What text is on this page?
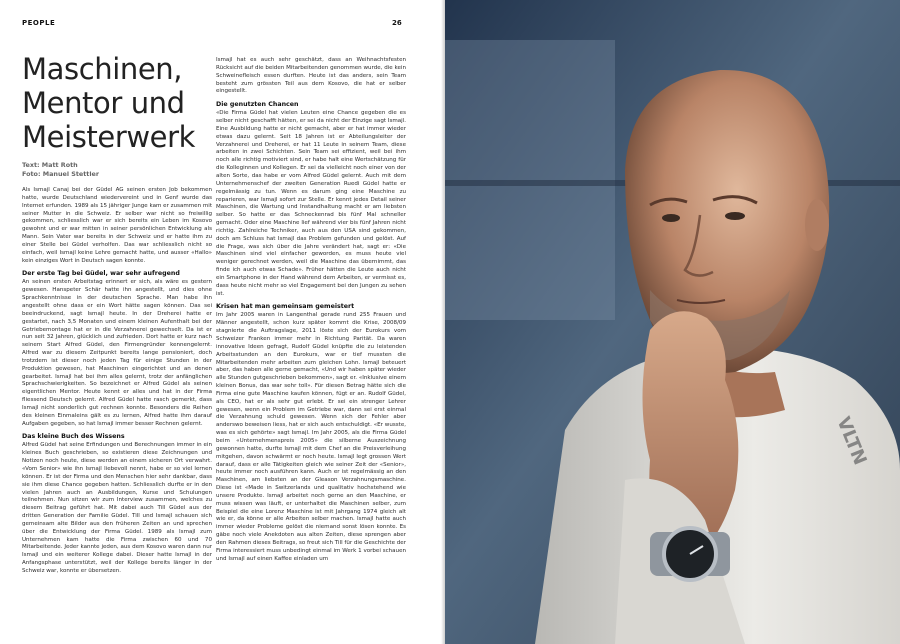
PEOPLE	26
Maschinen,
Mentor und
Meisterwerk
Text: Matt Roth
Foto: Manuel Stettler

Als Ismajl Canaj bei der Güdel AG seinen ersten Job bekommen hatte, wurde Deutschland wiedervereint und in Genf wurde das Internet erfunden. 1989 als 15 jähriger Junge kam er zusammen mit seiner Mutter in die Schweiz. Er selber war nicht so freiwillig gekommen, schliesslich war er sich bereits ein Leben im Kosovo gewohnt und er war mitten in seiner persönlichen Entwicklung als Mann. Sein Vater war bereits in der Schweiz und er hatte ihm zu einer Stelle bei Güdel verholfen. Das war schliesslich nicht so einfach, weil Ismajl keine Lehre gemacht hatte, und ausser «Hallo» kein einziges Wort in Deutsch sagen konnte.

Der erste Tag bei Güdel, war sehr aufregend

An seinen ersten Arbeitstag erinnert er sich, als wäre es gestern gewesen. Hanspeter Schär hatte ihn angestellt, und dies ohne Sprachkenntnisse in der deutschen Sprache. Man habe ihn angestellt ohne dass er ein Wort hätte sagen können. Das sei beeindruckend, sagt Ismajl heute. In der Dreherei hatte er gestartet, nach 3,5 Monaten und einem kleinen Aufenthalt bei der Getriebemontage hat er in die Verzahnerei gewechselt. Da ist er nun seit 32 Jahren, glücklich und zufrieden. Dort hatte er kurz nach seinem Start Alfred Güdel, den Firmengründer kennengelernt. Alfred war zu diesem Zeitpunkt bereits lange pensioniert, doch trotzdem ist dieser noch jeden Tag für einige Stunden in der Produktion gewesen, hat Maschinen eingerichtet und an denen gearbeitet. Ismajl hat bei ihm alles gelernt, trotz der anfänglichen Sprachschwierigkeiten. So bezeichnet er Alfred Güdel als seinen eigentlichen Mentor. Heute kennt er alles und hat in der Firma fliessend Deutsch gelernt. Alfred Güdel hatte rasch gemerkt, dass Ismajl nicht sonderlich gut rechnen konnte. Besonders die Reihen des kleinen Einmaleins gält es zu lernen, Alfred hatte ihm darauf Aufgaben gegeben, so hat Ismajl immer besser Rechnen gelernt.

Das kleine Buch des Wissens

Alfred Güdel hat seine Erfindungen und Berechnungen immer in ein kleines Buch geschrieben, so existieren diese Zeichnungen und Notizen noch heute, diese werden an einem sicheren Ort verwahrt. «Vom Senior» wie ihn Ismajl liebevoll nennt, habe er so viel lernen können. Er ist der Firma und den Menschen hier sehr dankbar, dass sie ihm diese Chance gegeben hatten. Schliesslich durfte er in den vielen Jahren auch an Ausbildungen, Kurse und Schulungen teilnehmen. Nun sitzen wir zum Interview zusammen, welches zu diesem Beitrag geführt hat. Mit dabei auch Till Güdel aus der dritten Generation der Familie Güdel. Till und Ismajl schauen sich gemeinsam alte Bilder aus den früheren Zeiten an und sprechen über die Entwicklung der Firma Güdel. 1989 als Ismajl zum Unternehmen kam hatte die Firma zwischen 60 und 70 Mitarbeitende. Jeder kannte jeden, aus dem Kosovo waren dann nur Ismajl und ein weiterer Kollege dabei. Dieser hatte Ismajl in der Anfangsphase unterstützt, weil der Kollege bereits länger in der Schweiz war, konnte er übersetzen.

Ismajl hat es auch sehr geschätzt, dass an Weihnachtsfesten Rücksicht auf die beiden Mitarbeitenden genommen wurde, die kein Schweinefleisch essen durften. Heute ist das anders, sein Team besteht zum grössten Teil aus dem Kosovo, die hat er selber eingestellt.

Die genutzten Chancen

«Die Firma Güdel hat vielen Leuten eine Chance gegeben die es selber nicht geschafft hätten, er sei da nicht der Einzige sagt Ismajl. Eine Ausbildung hatte er nicht gemacht, aber er hat immer wieder etwas dazu gelernt. Seit 18 Jahren ist er Abteilungsleiter der Verzahnerei und Dreherei, er hat 11 Leute in seinem Team, diese arbeiten in zwei Schichten. Sein Team sei effizient, weil bei ihm noch alle richtig motiviert sind, er habe halt eine Wertschätzung für die Kolleginnen und Kollegen. Er sei da vielleicht noch einer von der alten Sorte, das habe er vom Alfred Güdel gelernt. Auch mit dem Unternehmenschef der zweiten Generation Ruedi Güdel hatte er regelmässig zu tun. Wenn es darum ging eine Maschine zu reparieren, war Ismajl sofort zur Stelle. Er kennt jedes Detail seiner Maschinen, die Wartung und Instandhaltung macht er am liebsten selber. So hatte er das Schneckenrad bis fünf Mal schneller gemacht. Oder eine Maschine lief während vier bis fünf Jahren nicht richtig. Zahlreiche Techniker, auch aus den USA sind gekommen, doch am Schluss hat Ismajl das Problem gefunden und gelöst. Auf die Frage, was sich über die Jahre verändert hat, sagt er: «Die Maschinen sind viel einfacher geworden, es muss heute viel weniger gerechnet werden, weil die Maschine das übernimmt, das finde ich auch etwas Schade». Früher hätten die Leute auch nicht ein Smartphone in der Hand während dem Arbeiten, er vermisst es, dass heute nicht mehr so viel Engagement bei den Jungen zu sehen ist.

Krisen hat man gemeinsam gemeistert

Im Jahr 2005 waren in Langenthal gerade rund 255 Frauen und Männer angestellt, schon kurz später kommt die Krise, 2008/09 stagnierte die Auftragslage, 2011 löste sich der Eurokurs vom Schweizer Franken immer mehr in Richtung Parität. Da waren innovative Ideen gefragt, Rudolf Güdel knüpfte die zu leistenden Arbeitsstunden an den Eurokurs, war er tief mussten die Mitarbeitenden mehr arbeiten zum gleichen Lohn. Ismajl beteuert aber, das haben alle gerne gemacht, «Und wir haben später wieder alle Stunden gutgeschrieben bekommen», sagt er. «Inklusive einem kleinen Bonus, das war sehr toll». Für diesen Betrag hätte sich die Firma eine gute Maschine kaufen können, fügt er an. Rudolf Güdel, als CEO, hat er als sehr gut erlebt. Er sei ein strenger Lehrer gewesen, wenn ein Problem im Getriebe war, dann sei erst einmal die Verzahnung schuld gewesen. Wenn sich der Fehler aber anderswo beweisen liess, hat er sich auch entschuldigt. «Er wusste, was es sich gehörte» sagt Ismajl. Im Jahr 2005, als die Firma Güdel beim «Unternehmenspreis 2005» die silberne Auszeichnung gewonnen hatte, durfte Ismajl mit dem Chef an die Preisverleihung mitgehen, davon schwärmt er noch heute. Ismajl legt grossen Wert darauf, dass er alle Tätigkeiten gleich wie seiner Zeit der «Senior», heute immer noch ausführen kann. Auch er ist regelmässig an den Maschinen, am liebsten an der Gleason Verzahnungsmaschine. Diese ist «Made in Switzerlands und qualitativ hochstehend wie unsere Produkte. Ismajl arbeitet noch gerne an den Maschine, er muss wissen was läuft, er unterhaltet die Maschinen selber, zum Beispiel die eine Lorenz Maschine ist mit Jahrgang 1974 gleich alt wie er, da könne er alle Arbeiten selber machen. Ismajl hatte auch immer wieder Probleme gelöst die niemand sonst lösen konnte. Es gäbe noch viele Anekdoten aus alten Zeiten, diese sprengen aber den Rahmen dieses Beitrags, so freut sich Till für die Geschichte der Firma interessiert muss unbedingt einmal im Werk 1 vorbei schauen und Ismajl auf einen Kaffee einladen um

VLTN
